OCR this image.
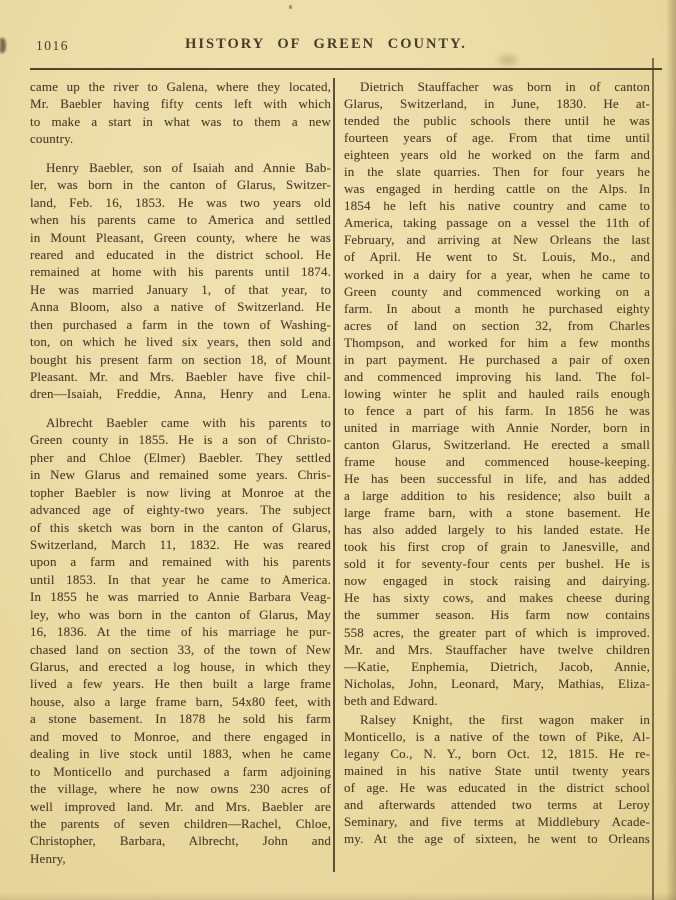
1016	HISTORY OF GREEN COUNTY.
came up the river to Galena, where they located,
Mr. Baebler having fifty cents left with which
to make a start in what was to them a new
country.
Henry Baebler, son of Isaiah and Annie Bab-
ler, was born in the canton of Glarus, Switzer-
land, Feb. 16, 1853. He was two years old
when his parents came to America and settled
in Mount Pleasant, Green county, where he was
reared and educated in the district school. He
remained at home with his parents until 1874.
He was married January 1, of that year, to
Anna Bloom, also a native of Switzerland. He
then purchased a farm in the town of Washing-
ton, on which he lived six years, then sold and
bought his present farm on section 18, of Mount
Pleasant. Mr. and Mrs. Baebler have five chil-
dren—Isaiah, Freddie, Anna, Henry and Lena.
Albrecht Baebler came with his parents to
Green county in 1855. He is a son of Christo-
pher and Chloe (Elmer) Baebler. They settled
in New Glarus and remained some years. Chris-
topher Baebler is now living at Monroe at the
advanced age of eighty-two years. The subject
of this sketch was born in the canton of Glarus,
Switzerland, March 11, 1832. He was reared
upon a farm and remained with his parents
until 1853. In that year he came to America.
In 1855 he was married to Annie Barbara Veag-
ley, who was born in the canton of Glarus, May
16, 1836. At the time of his marriage he pur-
chased land on section 33, of the town of New
Glarus, and erected a log house, in which they
lived a few years. He then built a large frame
house, also a large frame barn, 54x80 feet, with
a stone basement. In 1878 he sold his farm
and moved to Monroe, and there engaged in
dealing in live stock until 1883, when he came
to Monticello and purchased a farm adjoining
the village, where he now owns 230 acres of
well improved land. Mr. and Mrs. Baebler are
the parents of seven children—Rachel, Chloe,
Christopher, Barbara, Albrecht, John and
Henry,
Dietrich Stauffacher was born in of canton
Glarus, Switzerland, in June, 1830. He at-
tended the public schools there until he was
fourteen years of age. From that time until
eighteen years old he worked on the farm and
in the slate quarries. Then for four years he
was engaged in herding cattle on the Alps. In
1854 he left his native country and came to
America, taking passage on a vessel the 11th of
February, and arriving at New Orleans the last
of April. He went to St. Louis, Mo., and
worked in a dairy for a year, when he came to
Green county and commenced working on a
farm. In about a month he purchased eighty
acres of land on section 32, from Charles
Thompson, and worked for him a few months
in part payment. He purchased a pair of oxen
and commenced improving his land. The fol-
lowing winter he split and hauled rails enough
to fence a part of his farm. In 1856 he was
united in marriage with Annie Norder, born in
canton Glarus, Switzerland. He erected a small
frame house and commenced house-keeping.
He has been successful in life, and has added
a large addition to his residence; also built a
large frame barn, with a stone basement. He
has also added largely to his landed estate. He
took his first crop of grain to Janesville, and
sold it for seventy-four cents per bushel. He is
now engaged in stock raising and dairying.
He has sixty cows, and makes cheese during
the summer season. His farm now contains
558 acres, the greater part of which is improved.
Mr. and Mrs. Stauffacher have twelve children
—Katie, Enphemia, Dietrich, Jacob, Annie,
Nicholas, John, Leonard, Mary, Mathias, Eliza-
beth and Edward.
Ralsey Knight, the first wagon maker in
Monticello, is a native of the town of Pike, Al-
legany Co., N. Y., born Oct. 12, 1815. He re-
mained in his native State until twenty years
of age. He was educated in the district school
and afterwards attended two terms at Leroy
Seminary, and five terms at Middlebury Acade-
my. At the age of sixteen, he went to Orleans
